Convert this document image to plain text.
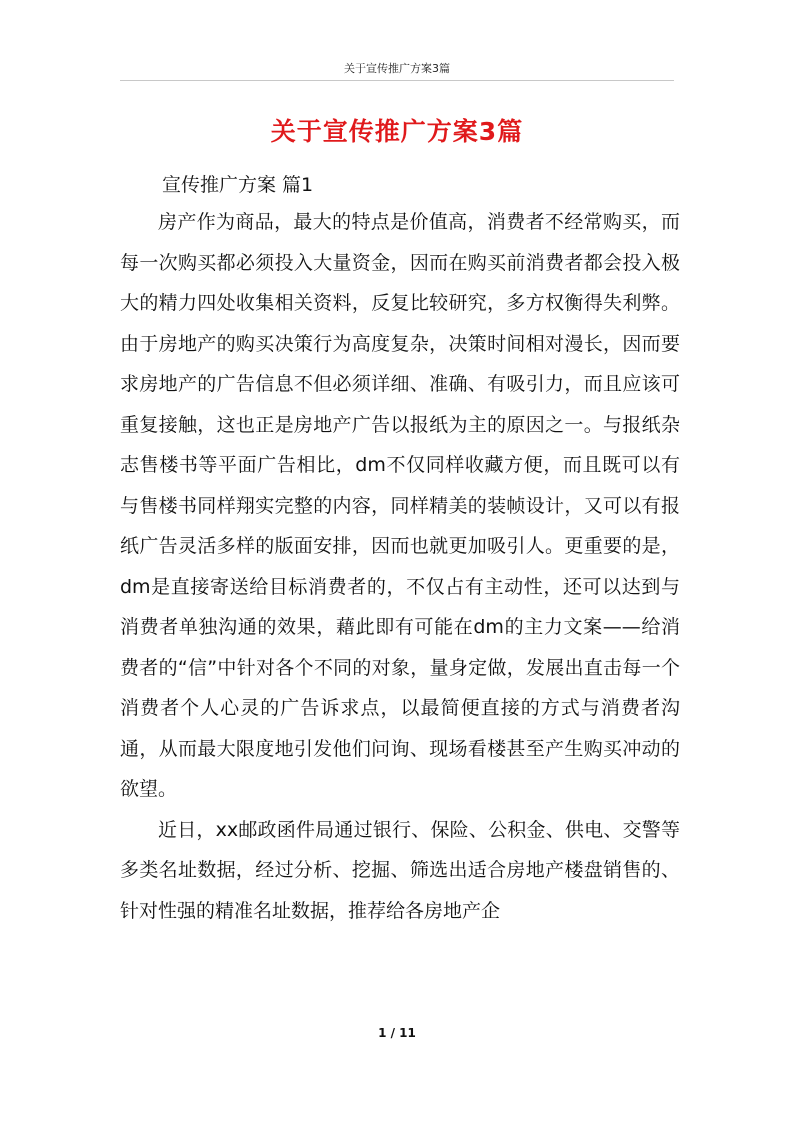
关于宣传推广方案3篇
关于宣传推广方案3篇
宣传推广方案 篇1

房产作为商品，最大的特点是价值高，消费者不经常购买，而每一次购买都必须投入大量资金，因而在购买前消费者都会投入极大的精力四处收集相关资料，反复比较研究，多方权衡得失利弊。由于房地产的购买决策行为高度复杂，决策时间相对漫长，因而要求房地产的广告信息不但必须详细、准确、有吸引力，而且应该可重复接触，这也正是房地产广告以报纸为主的原因之一。与报纸杂志售楼书等平面广告相比，dm不仅同样收藏方便，而且既可以有与售楼书同样翔实完整的内容，同样精美的装帧设计，又可以有报纸广告灵活多样的版面安排，因而也就更加吸引人。更重要的是，dm是直接寄送给目标消费者的，不仅占有主动性，还可以达到与消费者单独沟通的效果，藉此即有可能在dm的主力文案——给消费者的“信”中针对各个不同的对象，量身定做，发展出直击每一个消费者个人心灵的广告诉求点，以最简便直接的方式与消费者沟通，从而最大限度地引发他们问询、现场看楼甚至产生购买冲动的欲望。

近日，xx邮政函件局通过银行、保险、公积金、供电、交警等多类名址数据，经过分析、挖掘、筛选出适合房地产楼盘销售的、针对性强的精准名址数据，推荐给各房地产企

1 / 11
